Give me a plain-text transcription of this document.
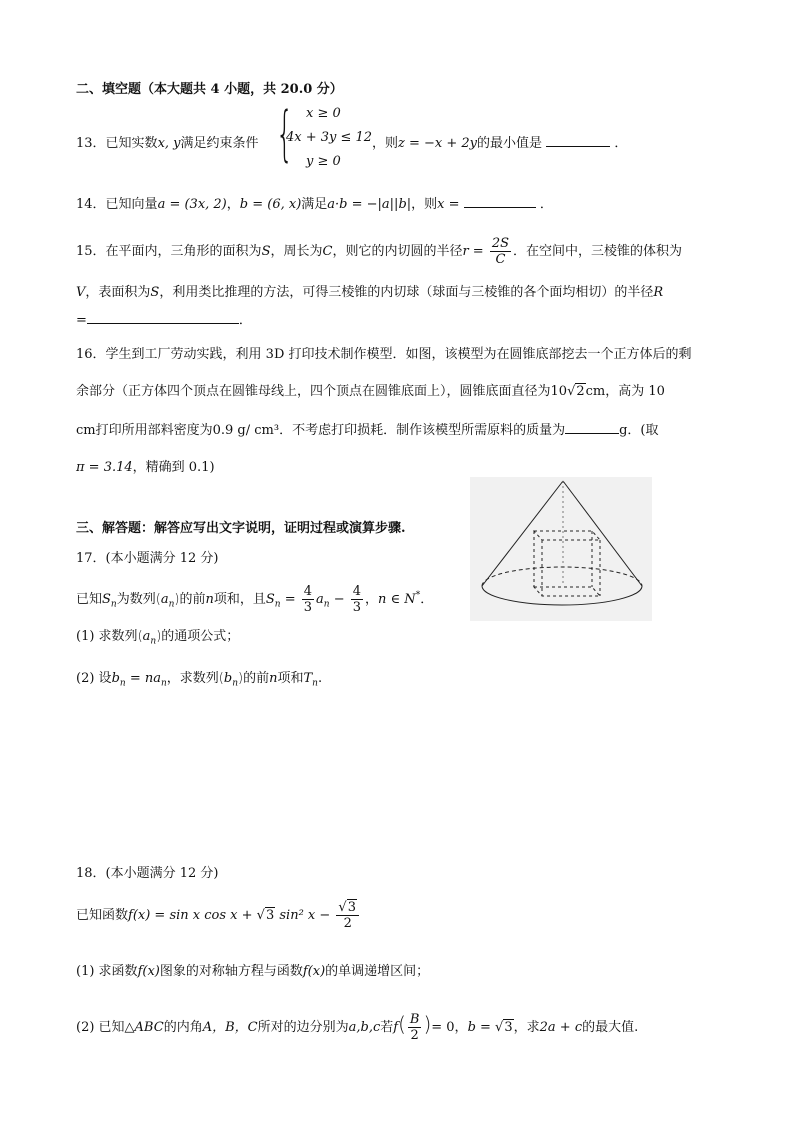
二、填空题（本大题共 4 小题，共 20.0 分）
13．已知实数x, y满足约束条件 { x ≥ 0
4x + 3y ≤ 12
y ≥ 0
，则z = −x + 2y的最小值是	．
14．已知向量a = (3x, 2)，b = (6, x)满足a·b = −|a||b|，则x =	．
15．在平面内，三角形的面积为S，周长为C，则它的内切圆的半径$r = \frac{2S}{C}$ ．在空间中，三棱锥的体积为
V，表面积为S，利用类比推理的方法，可得三棱锥的内切球（球面与三棱锥的各个面均相切）的半径R
=	．
16．学生到工厂劳动实践，利用 3D 打印技术制作模型．如图，该模型为在圆锥底部挖去一个正方体后的剩
余部分（正方体四个顶点在圆锥母线上，四个顶点在圆锥底面上），圆锥底面直径为10√2cm，高为 10
cm打印所用部料密度为0.9 g/ cm³．不考虑打印损耗．制作该模型所需原料的质量为	g．(取
π = 3.14，精确到 0.1)
三、解答题：解答应写出文字说明，证明过程或演算步骤.
17．(本小题满分 12 分)
已知$S_n$为数列$(a_n)$的前n项和，且$S_n = \frac{4}{3} a_n - \frac{4}{3}$ ，n ∈ N*．
(1) 求数列$(a_n)$的通项公式；
(2) 设$b_n = na_n$，求数列$(b_n)$的前n项和$T_n$.
18．(本小题满分 12 分)
已知函数f(x) = sin x cos x + √3 sin² $x - \frac{√3}{2}$
(1) 求函数f(x)图象的对称轴方程与函数f(x)的单调递增区间；
(2) 已知△ABC的内角A，B，C所对的边分别为a,b,c若$f( \frac{B}{2}$ )= 0，b = √3，求2a + c的最大值.
